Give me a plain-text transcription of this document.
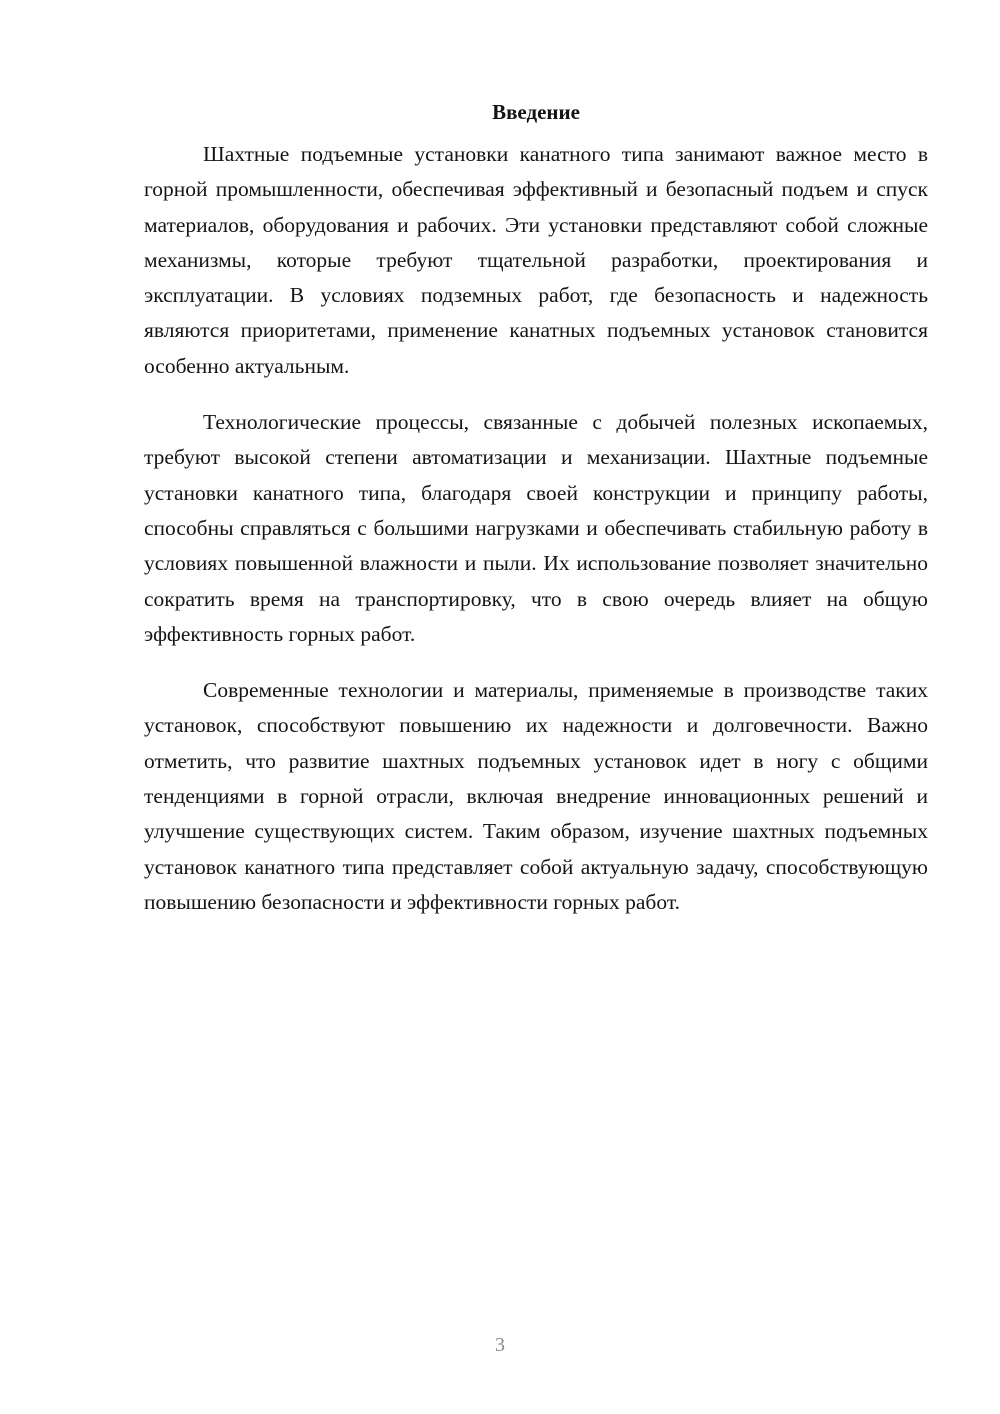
Введение

Шахтные подъемные установки канатного типа занимают важное место в горной промышленности, обеспечивая эффективный и безопасный подъем и спуск материалов, оборудования и рабочих. Эти установки представляют собой сложные механизмы, которые требуют тщательной разработки, проектирования и эксплуатации. В условиях подземных работ, где безопасность и надежность являются приоритетами, применение канатных подъемных установок становится особенно актуальным.

Технологические процессы, связанные с добычей полезных ископаемых, требуют высокой степени автоматизации и механизации. Шахтные подъемные установки канатного типа, благодаря своей конструкции и принципу работы, способны справляться с большими нагрузками и обеспечивать стабильную работу в условиях повышенной влажности и пыли. Их использование позволяет значительно сократить время на транспортировку, что в свою очередь влияет на общую эффективность горных работ.

Современные технологии и материалы, применяемые в производстве таких установок, способствуют повышению их надежности и долговечности. Важно отметить, что развитие шахтных подъемных установок идет в ногу с общими тенденциями в горной отрасли, включая внедрение инновационных решений и улучшение существующих систем. Таким образом, изучение шахтных подъемных установок канатного типа представляет собой актуальную задачу, способствующую повышению безопасности и эффективности горных работ.

3
